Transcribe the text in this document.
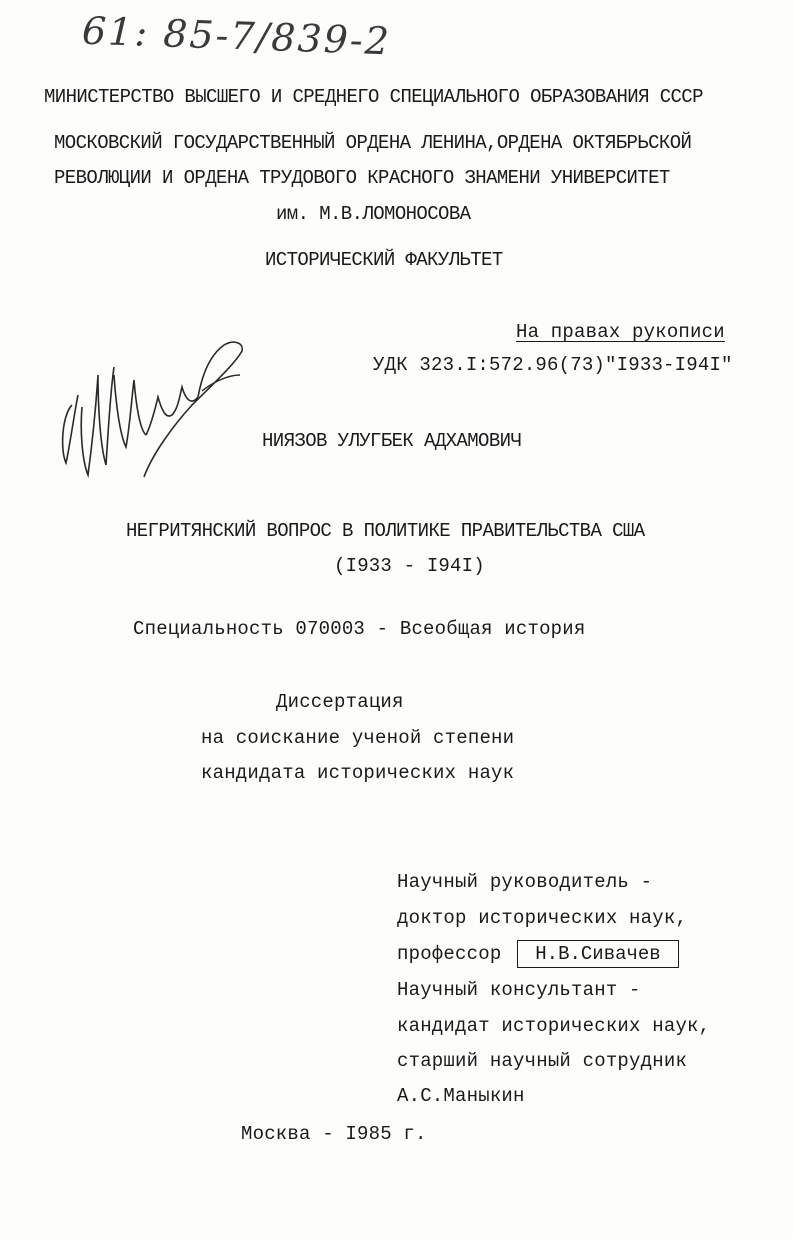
61: 85-7/839-2
МИНИСТЕРСТВО ВЫСШЕГО И СРЕДНЕГО СПЕЦИАЛЬНОГО ОБРАЗОВАНИЯ СССР
МОСКОВСКИЙ ГОСУДАРСТВЕННЫЙ ОРДЕНА ЛЕНИНА,ОРДЕНА ОКТЯБРЬСКОЙ
РЕВОЛЮЦИИ И ОРДЕНА ТРУДОВОГО КРАСНОГО ЗНАМЕНИ УНИВЕРСИТЕТ
им. М.В.ЛОМОНОСОВА
ИСТОРИЧЕСКИЙ ФАКУЛЬТЕТ
На правах рукописи
УДК 323.I:572.96(73)"I933-I94I"
НИЯЗОВ УЛУГБЕК АДХАМОВИЧ
НЕГРИТЯНСКИЙ ВОПРОС В ПОЛИТИКЕ ПРАВИТЕЛЬСТВА США
(I933 - I94I)
Специальность 070003 - Всеобщая история
Диссертация
на соискание ученой степени
кандидата исторических наук
Научный руководитель -
доктор исторических наук,
профессор	Н.В.Сивачев
Научный консультант -
кандидат исторических наук,
старший научный сотрудник
А.С.Маныкин
Москва - I985 г.
